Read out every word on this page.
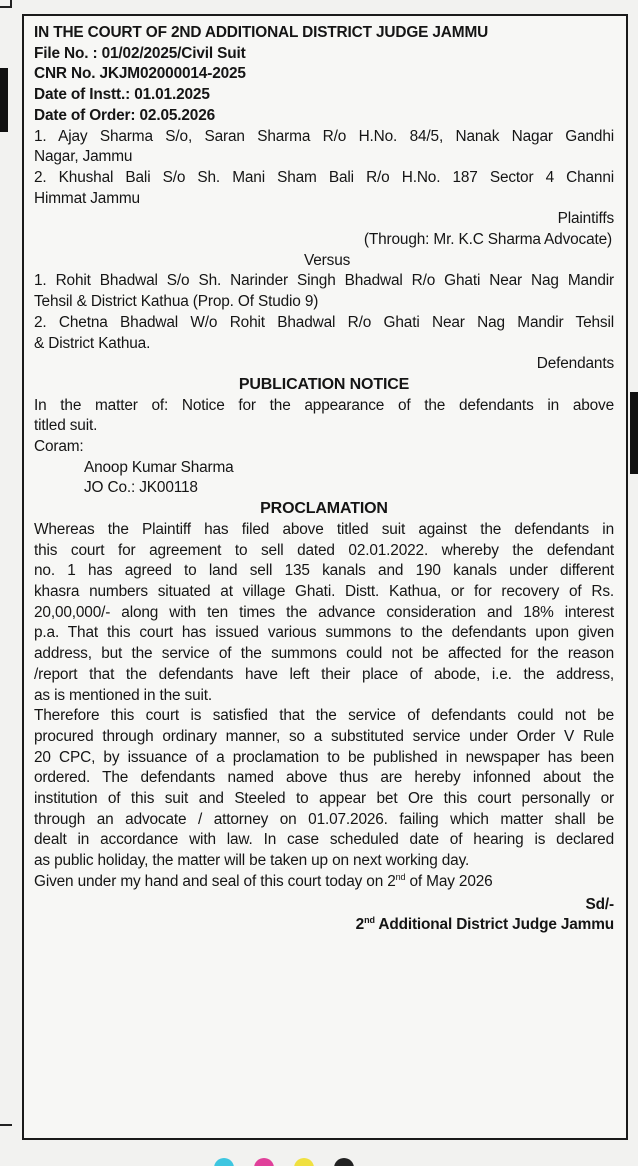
IN THE COURT OF 2ND ADDITIONAL DISTRICT JUDGE JAMMU
File No. : 01/02/2025/Civil Suit
CNR No. JKJM02000014-2025
Date of Instt.: 01.01.2025
Date of Order: 02.05.2026
1. Ajay Sharma S/o, Saran Sharma R/o H.No. 84/5, Nanak Nagar Gandhi
Nagar, Jammu
2. Khushal Bali S/o Sh. Mani Sham Bali R/o H.No. 187 Sector 4 Channi
Himmat Jammu
Plaintiffs
(Through: Mr. K.C Sharma Advocate)
Versus
1. Rohit Bhadwal S/o Sh. Narinder Singh Bhadwal R/o Ghati Near Nag Mandir
Tehsil & District Kathua (Prop. Of Studio 9)
2. Chetna Bhadwal W/o Rohit Bhadwal R/o Ghati Near Nag Mandir Tehsil
& District Kathua.
Defendants
PUBLICATION NOTICE
In the matter of: Notice for the appearance of the defendants in above
titled suit.
Coram:
Anoop Kumar Sharma
JO Co.: JK00118
PROCLAMATION
Whereas the Plaintiff has filed above titled suit against the defendants in
this court for agreement to sell dated 02.01.2022. whereby the defendant
no. 1 has agreed to land sell 135 kanals and 190 kanals under different
khasra numbers situated at village Ghati. Distt. Kathua, or for recovery of Rs.
20,00,000/- along with ten times the advance consideration and 18% interest
p.a. That this court has issued various summons to the defendants upon given
address, but the service of the summons could not be affected for the reason
/report that the defendants have left their place of abode, i.e. the address,
as is mentioned in the suit.
Therefore this court is satisfied that the service of defendants could not be
procured through ordinary manner, so a substituted service under Order V Rule
20 CPC, by issuance of a proclamation to be published in newspaper has been
ordered. The defendants named above thus are hereby infonned about the
institution of this suit and Steeled to appear bet Ore this court personally or
through an advocate / attorney on 01.07.2026. failing which matter shall be
dealt in accordance with law. In case scheduled date of hearing is declared
as public holiday, the matter will be taken up on next working day.
Given under my hand and seal of this court today on 2nd of May 2026
Sd/-
2nd Additional District Judge Jammu
